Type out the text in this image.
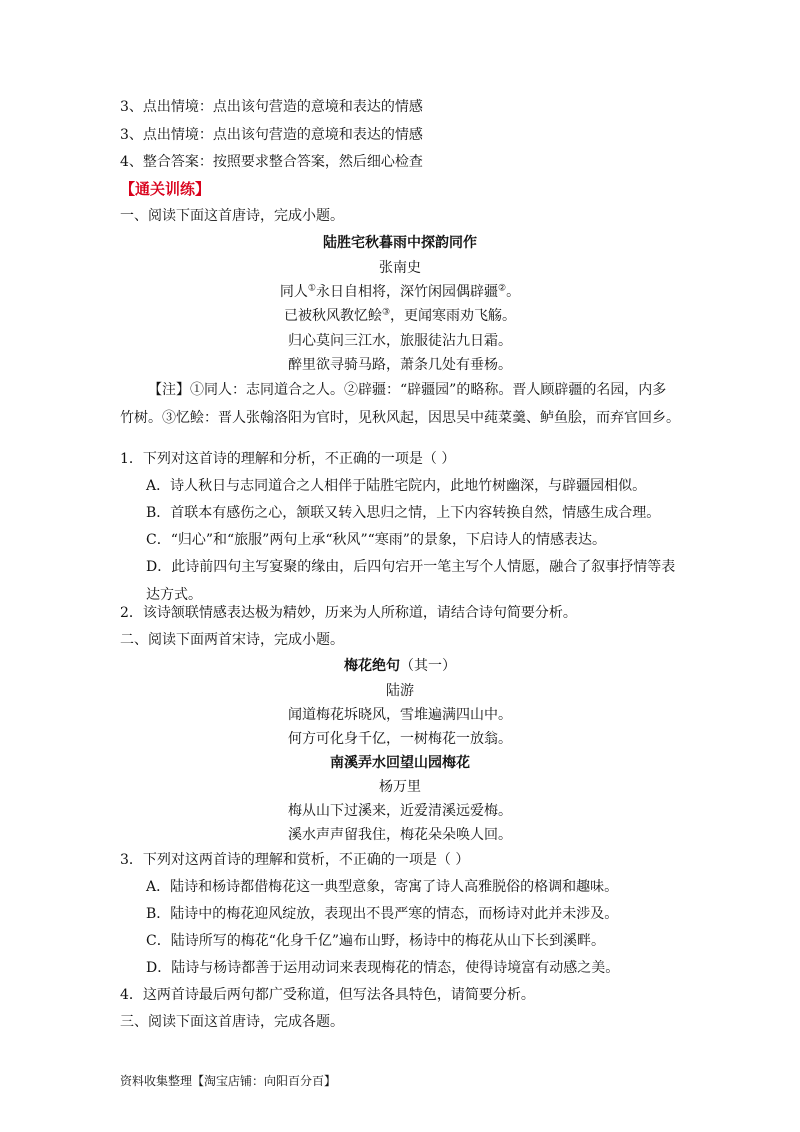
3、点出情境：点出该句营造的意境和表达的情感
3、点出情境：点出该句营造的意境和表达的情感
4、整合答案：按照要求整合答案，然后细心检查
【通关训练】
一、阅读下面这首唐诗，完成小题。
陆胜宅秋暮雨中探韵同作
张南史
同人①永日自相将，深竹闲园偶辟疆②。
已被秋风教忆鲙③，更闻寒雨劝飞觞。
归心莫问三江水，旅服徒沾九日霜。
醉里欲寻骑马路，萧条几处有垂杨。
【注】①同人：志同道合之人。②辟疆：“辟疆园”的略称。晋人顾辟疆的名园，内多竹树。③忆鲙：晋人张翰洛阳为官时，见秋风起，因思吴中莼菜羹、鲈鱼脍，而弃官回乡。
1．下列对这首诗的理解和分析，不正确的一项是（ ）
A．诗人秋日与志同道合之人相伴于陆胜宅院内，此地竹树幽深，与辟疆园相似。
B．首联本有感伤之心，颔联又转入思归之情，上下内容转换自然，情感生成合理。
C．“归心”和“旅服”两句上承“秋风”“寒雨”的景象，下启诗人的情感表达。
D．此诗前四句主写宴聚的缘由，后四句宕开一笔主写个人情愿，融合了叙事抒情等表达方式。
2．该诗颔联情感表达极为精妙，历来为人所称道，请结合诗句简要分析。
二、阅读下面两首宋诗，完成小题。
梅花绝句（其一）
陆游
闻道梅花坼晓风，雪堆遍满四山中。
何方可化身千亿，一树梅花一放翁。
南溪弄水回望山园梅花
杨万里
梅从山下过溪来，近爱清溪远爱梅。
溪水声声留我住，梅花朵朵唤人回。
3．下列对这两首诗的理解和赏析，不正确的一项是（ ）
A．陆诗和杨诗都借梅花这一典型意象，寄寓了诗人高雅脱俗的格调和趣味。
B．陆诗中的梅花迎风绽放，表现出不畏严寒的情态，而杨诗对此并未涉及。
C．陆诗所写的梅花“化身千亿”遍布山野，杨诗中的梅花从山下长到溪畔。
D．陆诗与杨诗都善于运用动词来表现梅花的情态，使得诗境富有动感之美。
4．这两首诗最后两句都广受称道，但写法各具特色，请简要分析。
三、阅读下面这首唐诗，完成各题。
资料收集整理【淘宝店铺：向阳百分百】
